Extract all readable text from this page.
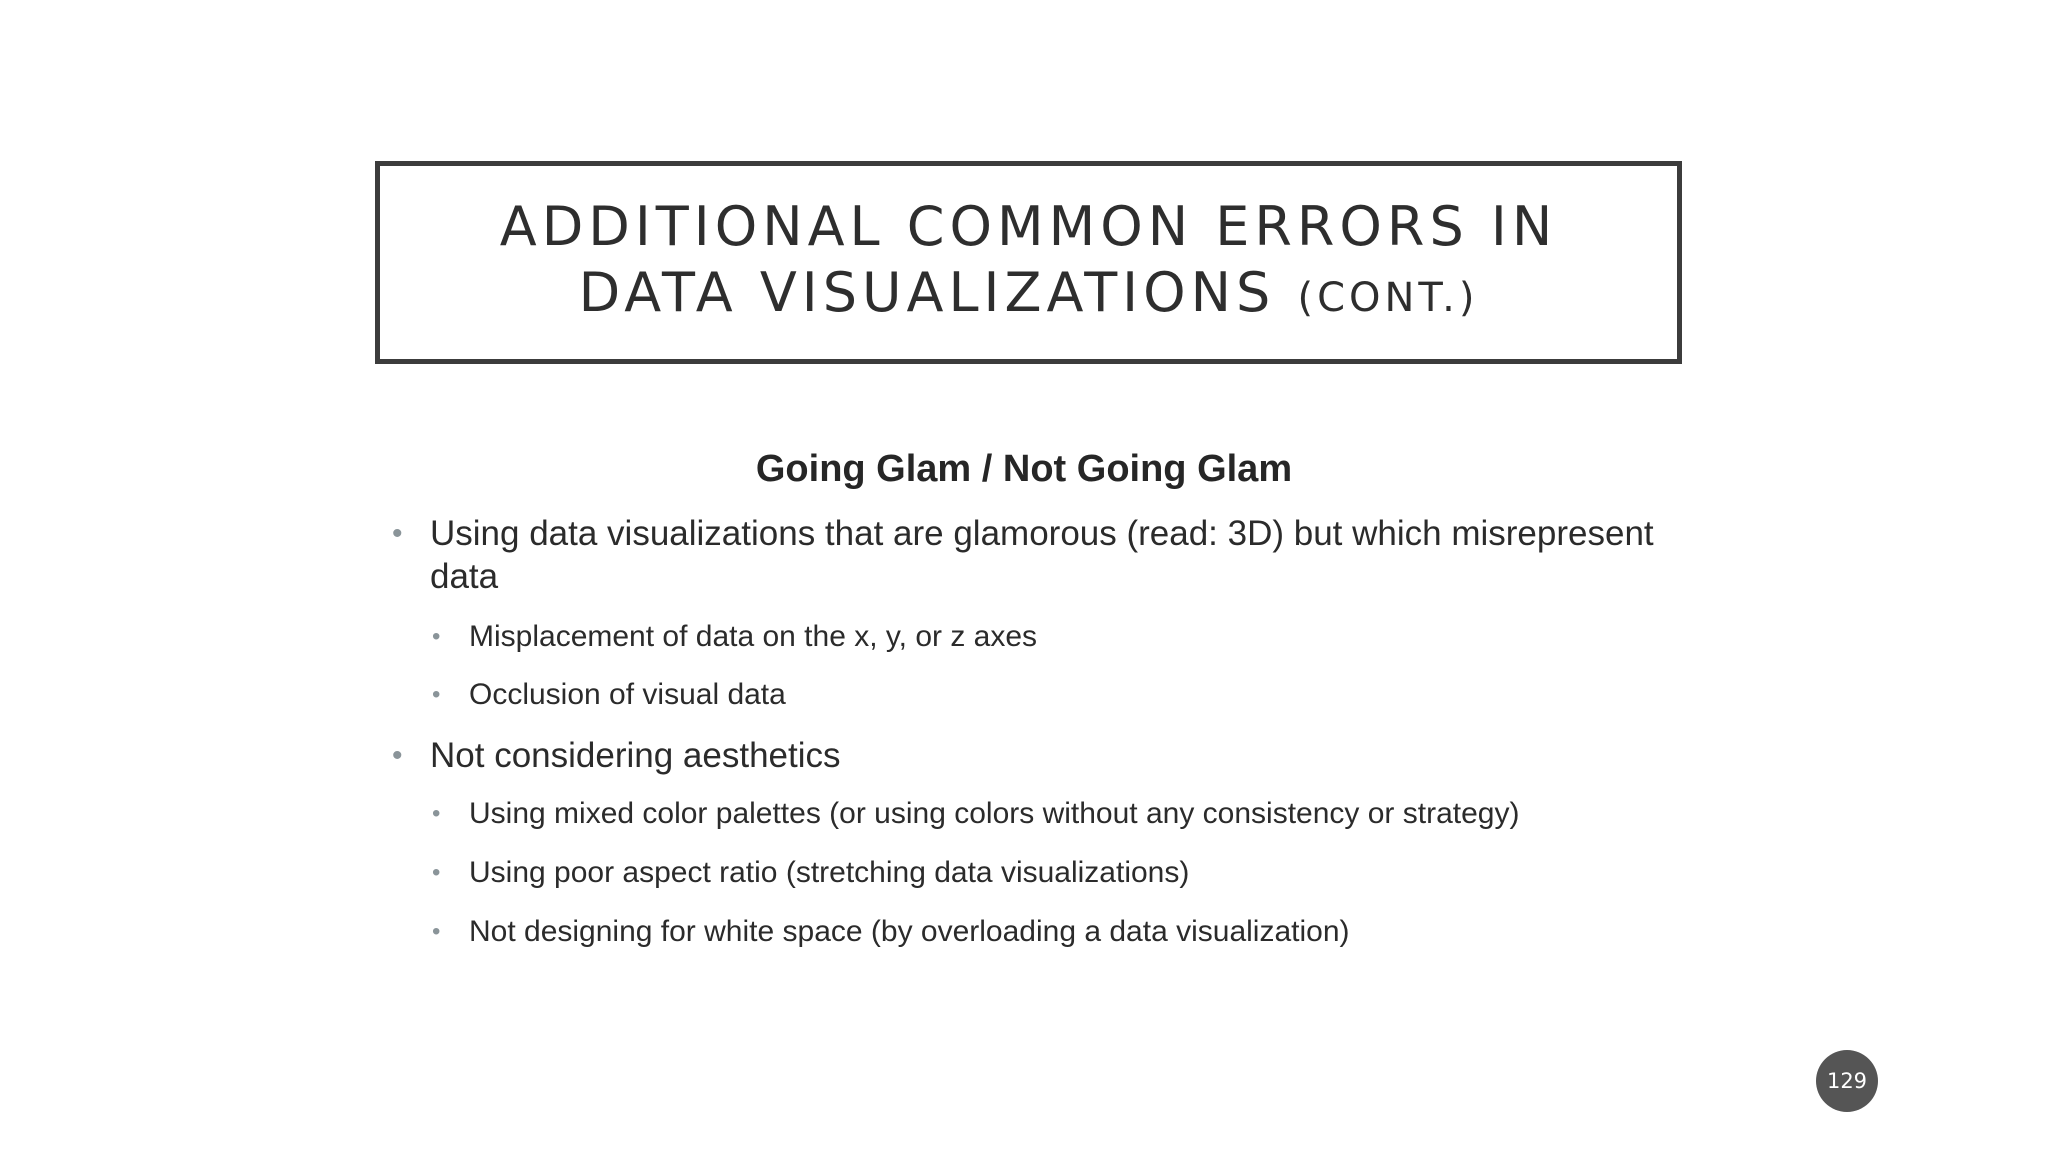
ADDITIONAL COMMON ERRORS IN
DATA VISUALIZATIONS (CONT.)
Going Glam / Not Going Glam
• Using data visualizations that are glamorous (read: 3D) but which misrepresent data
• Misplacement of data on the x, y, or z axes
• Occlusion of visual data
• Not considering aesthetics
• Using mixed color palettes (or using colors without any consistency or strategy)
• Using poor aspect ratio (stretching data visualizations)
• Not designing for white space (by overloading a data visualization)
129
